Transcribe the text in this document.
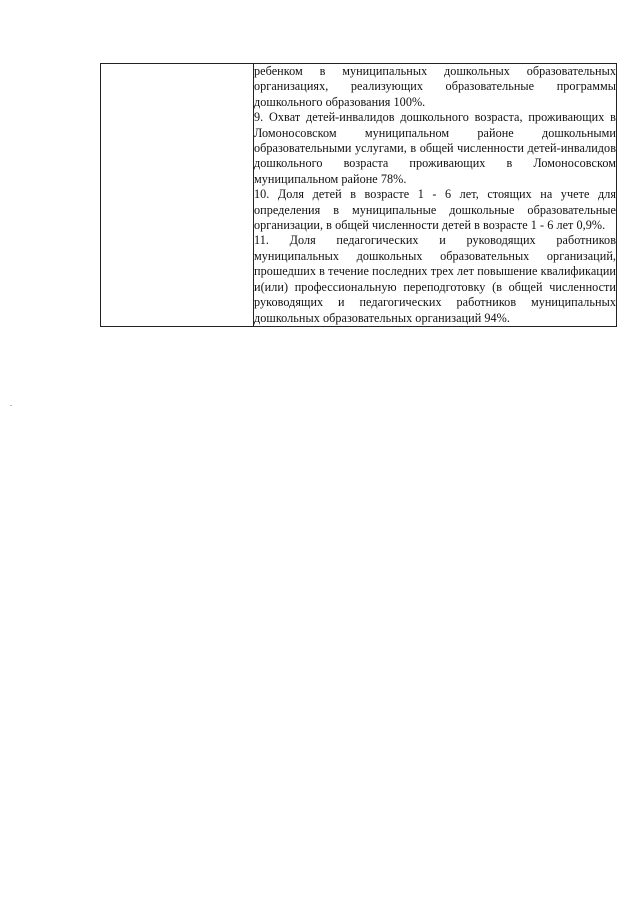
ребенком в муниципальных дошкольных образовательных организациях, реализующих образовательные программы дошкольного образования 100%.

9. Охват детей-инвалидов дошкольного возраста, проживающих в Ломоносовском муниципальном районе дошкольными образовательными услугами, в общей численности детей-инвалидов дошкольного возраста проживающих в Ломоносовском муниципальном районе 78%.

10. Доля детей в возрасте 1 - 6 лет, стоящих на учете для определения в муниципальные дошкольные образовательные организации, в общей численности детей в возрасте 1 - 6 лет 0,9%.

11. Доля педагогических и руководящих работников муниципальных дошкольных образовательных организаций, прошедших в течение последних трех лет повышение квалификации и(или) профессиональную переподготовку (в общей численности руководящих и педагогических работников муниципальных дошкольных образовательных организаций 94%.
